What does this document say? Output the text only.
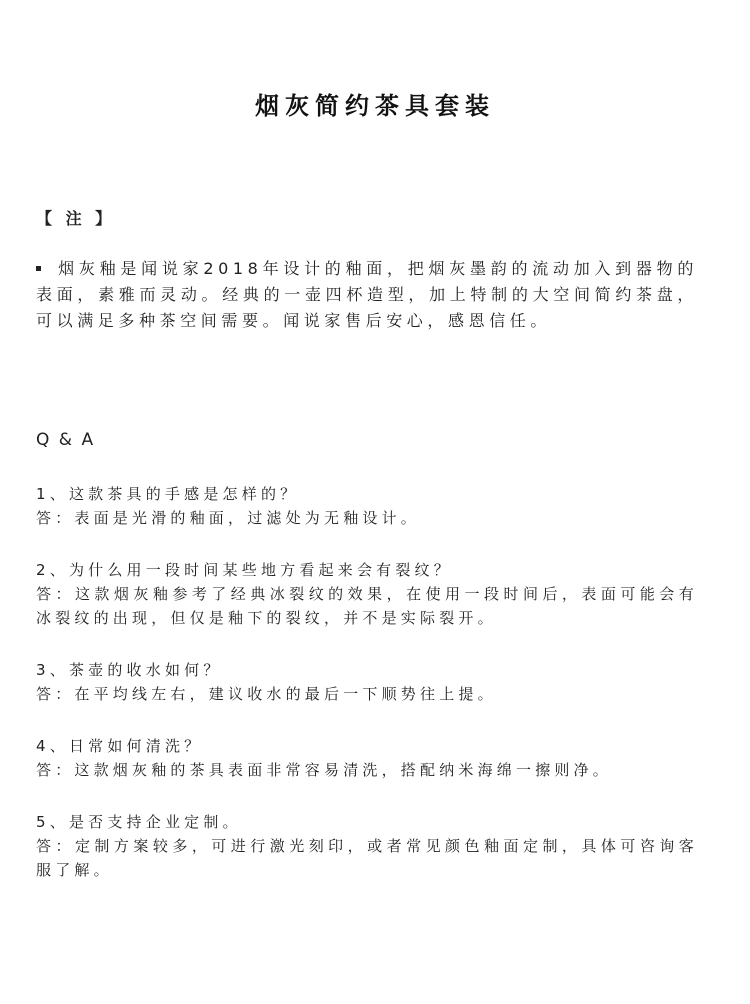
烟灰简约茶具套装
【 注 】
烟灰釉是闻说家2018年设计的釉面，把烟灰墨韵的流动加入到器物的表面，素雅而灵动。经典的一壶四杯造型，加上特制的大空间简约茶盘，可以满足多种茶空间需要。闻说家售后安心，感恩信任。
Q & A
1、这款茶具的手感是怎样的？
答：表面是光滑的釉面，过滤处为无釉设计。
2、为什么用一段时间某些地方看起来会有裂纹？
答：这款烟灰釉参考了经典冰裂纹的效果，在使用一段时间后，表面可能会有冰裂纹的出现，但仅是釉下的裂纹，并不是实际裂开。
3、茶壶的收水如何？
答：在平均线左右，建议收水的最后一下顺势往上提。
4、日常如何清洗？
答：这款烟灰釉的茶具表面非常容易清洗，搭配纳米海绵一擦则净。
5、是否支持企业定制。
答：定制方案较多，可进行激光刻印，或者常见颜色釉面定制，具体可咨询客服了解。
